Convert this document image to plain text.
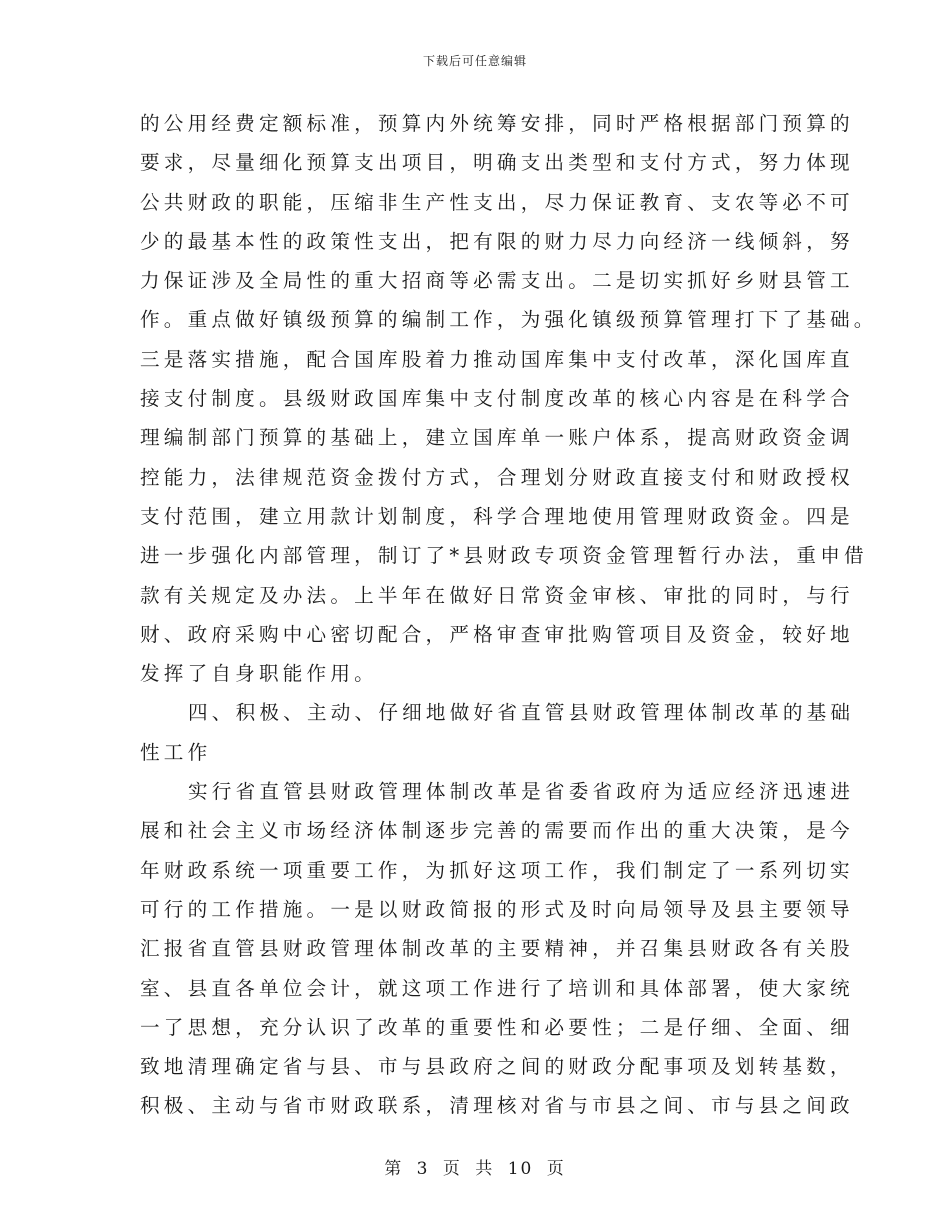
下载后可任意编辑
的公用经费定额标准，预算内外统筹安排，同时严格根据部门预算的
要求，尽量细化预算支出项目，明确支出类型和支付方式，努力体现
公共财政的职能，压缩非生产性支出，尽力保证教育、支农等必不可
少的最基本性的政策性支出，把有限的财力尽力向经济一线倾斜，努
力保证涉及全局性的重大招商等必需支出。二是切实抓好乡财县管工
作。重点做好镇级预算的编制工作，为强化镇级预算管理打下了基础。
三是落实措施，配合国库股着力推动国库集中支付改革，深化国库直
接支付制度。县级财政国库集中支付制度改革的核心内容是在科学合
理编制部门预算的基础上，建立国库单一账户体系，提高财政资金调
控能力，法律规范资金拨付方式，合理划分财政直接支付和财政授权
支付范围，建立用款计划制度，科学合理地使用管理财政资金。四是
进一步强化内部管理，制订了*县财政专项资金管理暂行办法，重申借
款有关规定及办法。上半年在做好日常资金审核、审批的同时，与行
财、政府采购中心密切配合，严格审查审批购管项目及资金，较好地
发挥了自身职能作用。
四、积极、主动、仔细地做好省直管县财政管理体制改革的基础
性工作
实行省直管县财政管理体制改革是省委省政府为适应经济迅速进
展和社会主义市场经济体制逐步完善的需要而作出的重大决策，是今
年财政系统一项重要工作，为抓好这项工作，我们制定了一系列切实
可行的工作措施。一是以财政简报的形式及时向局领导及县主要领导
汇报省直管县财政管理体制改革的主要精神，并召集县财政各有关股
室、县直各单位会计，就这项工作进行了培训和具体部署，使大家统
一了思想，充分认识了改革的重要性和必要性；二是仔细、全面、细
致地清理确定省与县、市与县政府之间的财政分配事项及划转基数，
积极、主动与省市财政联系，清理核对省与市县之间、市与县之间政
第 3 页 共 10 页
